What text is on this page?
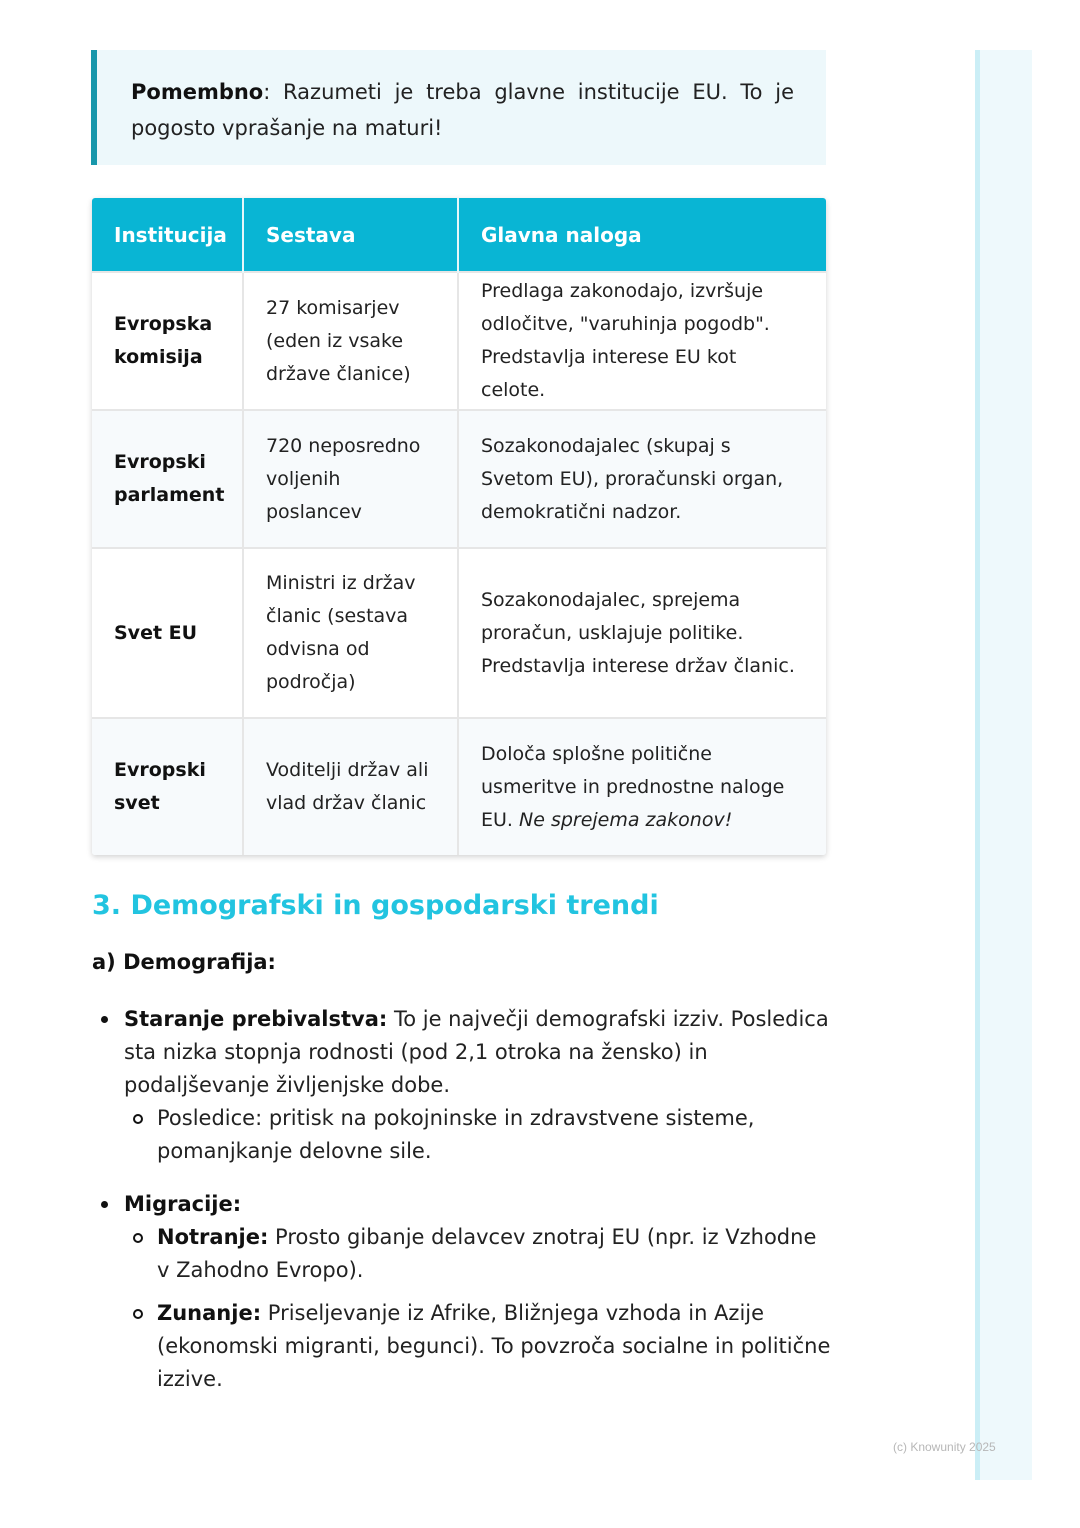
Pomembno: Razumeti je treba glavne institucije EU. To je pogosto vprašanje na maturi!
Institucija	Sestava	Glavna naloga
Evropska komisija	27 komisarjev (eden iz vsake države članice)	Predlaga zakonodajo, izvršuje odločitve, "varuhinja pogodb". Predstavlja interese EU kot celote.
Evropski parlament	720 neposredno voljenih poslancev	Sozakonodajalec (skupaj s Svetom EU), proračunski organ, demokratični nadzor.
Svet EU	Ministri iz držav članic (sestava odvisna od področja)	Sozakonodajalec, sprejema proračun, usklajuje politike. Predstavlja interese držav članic.
Evropski svet	Voditelji držav ali vlad držav članic	Določa splošne politične usmeritve in prednostne naloge EU. Ne sprejema zakonov!
3. Demografski in gospodarski trendi
a) Demografija:
Staranje prebivalstva: To je največji demografski izziv. Posledica sta nizka stopnja rodnosti (pod 2,1 otroka na žensko) in podaljševanje življenjske dobe.
Posledice: pritisk na pokojninske in zdravstvene sisteme, pomanjkanje delovne sile.
Migracije:
Notranje: Prosto gibanje delavcev znotraj EU (npr. iz Vzhodne v Zahodno Evropo).
Zunanje: Priseljevanje iz Afrike, Bližnjega vzhoda in Azije (ekonomski migranti, begunci). To povzroča socialne in politične izzive.
(c) Knowunity 2025
